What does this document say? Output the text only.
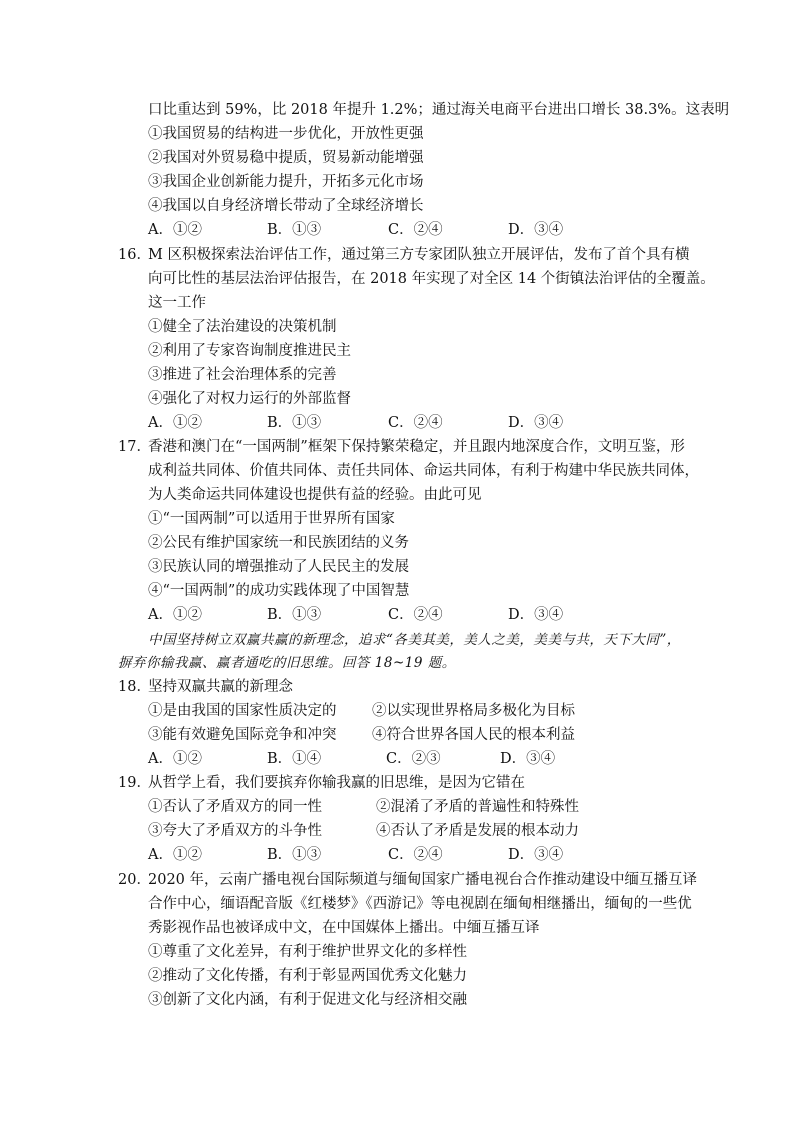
口比重达到 59%，比 2018 年提升 1.2%；通过海关电商平台进出口增长 38.3%。这表明
①我国贸易的结构进一步优化，开放性更强
②我国对外贸易稳中提质，贸易新动能增强
③我国企业创新能力提升，开拓多元化市场
④我国以自身经济增长带动了全球经济增长
A．①②	B．①③	C．②④	D．③④
16．
M 区积极探索法治评估工作，通过第三方专家团队独立开展评估，发布了首个具有横
向可比性的基层法治评估报告，在 2018 年实现了对全区 14 个街镇法治评估的全覆盖。
这一工作
①健全了法治建设的决策机制
②利用了专家咨询制度推进民主
③推进了社会治理体系的完善
④强化了对权力运行的外部监督
A．①②	B．①③	C．②④	D．③④
17．
香港和澳门在“一国两制”框架下保持繁荣稳定，并且跟内地深度合作，文明互鉴，形
成利益共同体、价值共同体、责任共同体、命运共同体，有利于构建中华民族共同体，
为人类命运共同体建设也提供有益的经验。由此可见
①“一国两制”可以适用于世界所有国家
②公民有维护国家统一和民族团结的义务
③民族认同的增强推动了人民民主的发展
④“一国两制”的成功实践体现了中国智慧
A．①②	B．①③	C．②④	D．③④
中国坚持树立双赢共赢的新理念，追求“各美其美，美人之美，美美与共，天下大同”，
摒弃你输我赢、赢者通吃的旧思维。回答 18~19 题。
18．
坚持双赢共赢的新理念
①是由我国的国家性质决定的 ②以实现世界格局多极化为目标
③能有效避免国际竞争和冲突 ④符合世界各国人民的根本利益
A．①②	B．①④	C．②③	D．③④
19．
从哲学上看，我们要摈弃你输我赢的旧思维，是因为它错在
①否认了矛盾双方的同一性	②混淆了矛盾的普遍性和特殊性
③夸大了矛盾双方的斗争性	④否认了矛盾是发展的根本动力
A．①②	B．①③	C．②④	D．③④
20．
2020 年，云南广播电视台国际频道与缅甸国家广播电视台合作推动建设中缅互播互译
合作中心，缅语配音版《红楼梦》《西游记》等电视剧在缅甸相继播出，缅甸的一些优
秀影视作品也被译成中文，在中国媒体上播出。中缅互播互译
①尊重了文化差异，有利于维护世界文化的多样性
②推动了文化传播，有利于彰显两国优秀文化魅力
③创新了文化内涵，有利于促进文化与经济相交融
